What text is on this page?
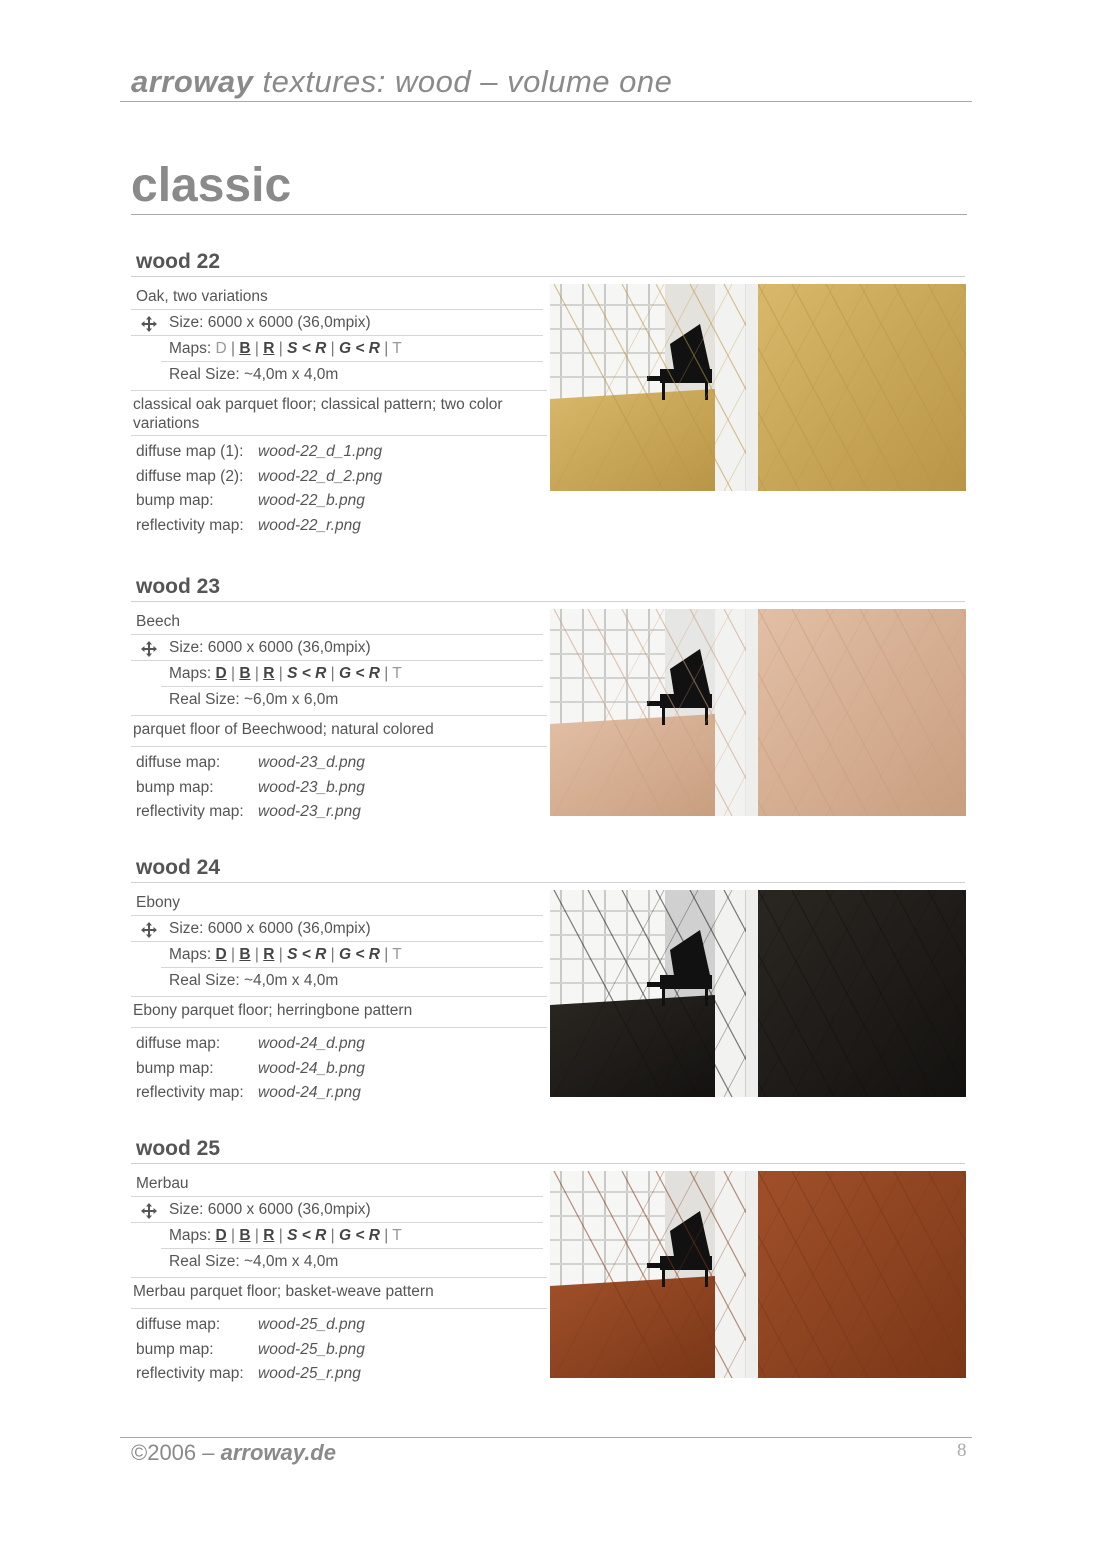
arroway textures: wood – volume one
classic
wood 22
Oak, two variations
Size: 6000 x 6000 (36,0mpix)
Maps: D | B | R | S < R | G < R | T
Real Size: ~4,0m x 4,0m
classical oak parquet floor; classical pattern; two color variations
diffuse map (1): wood-22_d_1.png
diffuse map (2): wood-22_d_2.png
bump map:	wood-22_b.png
reflectivity map: wood-22_r.png
wood 23
Beech
Size: 6000 x 6000 (36,0mpix)
Maps: D | B | R | S < R | G < R | T
Real Size: ~6,0m x 6,0m
parquet floor of Beechwood; natural colored
diffuse map: wood-23_d.png
bump map:	wood-23_b.png
reflectivity map: wood-23_r.png
wood 24
Ebony
Size: 6000 x 6000 (36,0mpix)
Maps: D | B | R | S < R | G < R | T
Real Size: ~4,0m x 4,0m
Ebony parquet floor; herringbone pattern
diffuse map: wood-24_d.png
bump map:	wood-24_b.png
reflectivity map: wood-24_r.png
wood 25
Merbau
Size: 6000 x 6000 (36,0mpix)
Maps: D | B | R | S < R | G < R | T
Real Size: ~4,0m x 4,0m
Merbau parquet floor; basket-weave pattern
diffuse map: wood-25_d.png
bump map:	wood-25_b.png
reflectivity map: wood-25_r.png
©2006 – arroway.de	8
